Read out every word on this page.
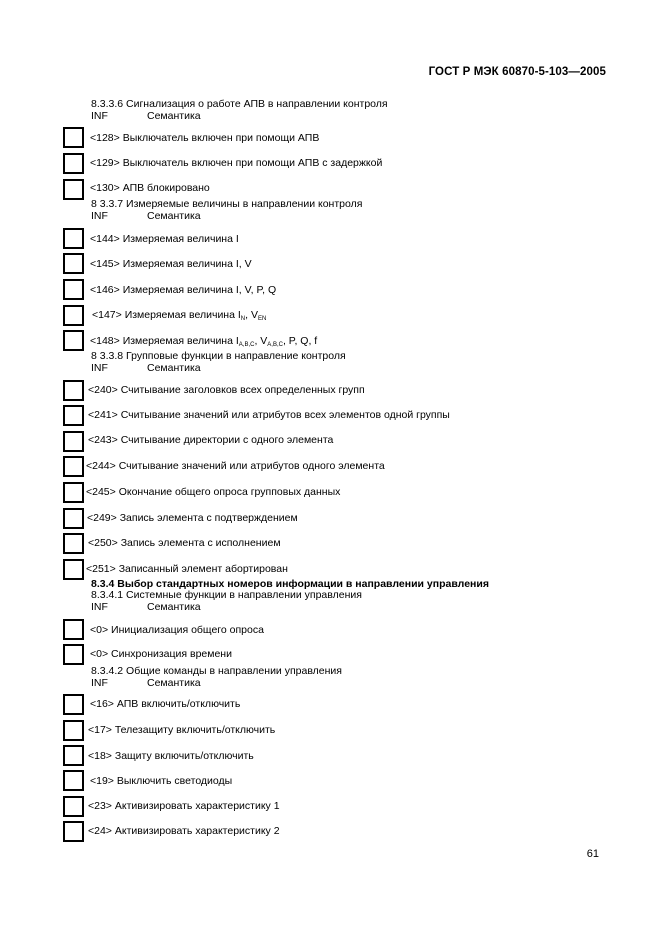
ГОСТ Р МЭК 60870-5-103—2005
8.3.3.6 Сигнализация о работе АПВ в направлении контроля
INF	Семантика
<128> Выключатель включен при помощи АПВ
<129> Выключатель включен при помощи АПВ с задержкой
<130> АПВ блокировано
8 3.3.7 Измеряемые величины в направлении контроля
INF	Семантика
<144> Измеряемая величина I
<145> Измеряемая величина I, V
<146> Измеряемая величина I, V, P, Q
<147> Измеряемая величина $I_N$, $V_{EN}$
<148> Измеряемая величина $I_{A,B,C}$, $V_{A,B,C}$, P, Q, f
8 3.3.8 Групповые функции в направление контроля
INF	Семантика
<240> Считывание заголовков всех определенных групп
<241> Считывание значений или атрибутов всех элементов одной группы
<243> Считывание директории с одного элемента
<244> Считывание значений или атрибутов одного элемента
<245> Окончание общего опроса групповых данных
<249> Запись элемента с подтверждением
<250> Запись элемента с исполнением
<251> Записанный элемент абортирован
8.3.4 Выбор стандартных номеров информации в направлении управления
8.3.4.1 Системные функции в направлении управления
INF	Семантика
<0> Инициализация общего опроса
<0> Синхронизация времени
8.3.4.2 Общие команды в направлении управления
INF	Семантика
<16> АПВ включить/отключить
<17> Телезащиту включить/отключить
<18> Защиту включить/отключить
<19> Выключить светодиоды
<23> Активизировать характеристику 1
<24> Активизировать характеристику 2
61
